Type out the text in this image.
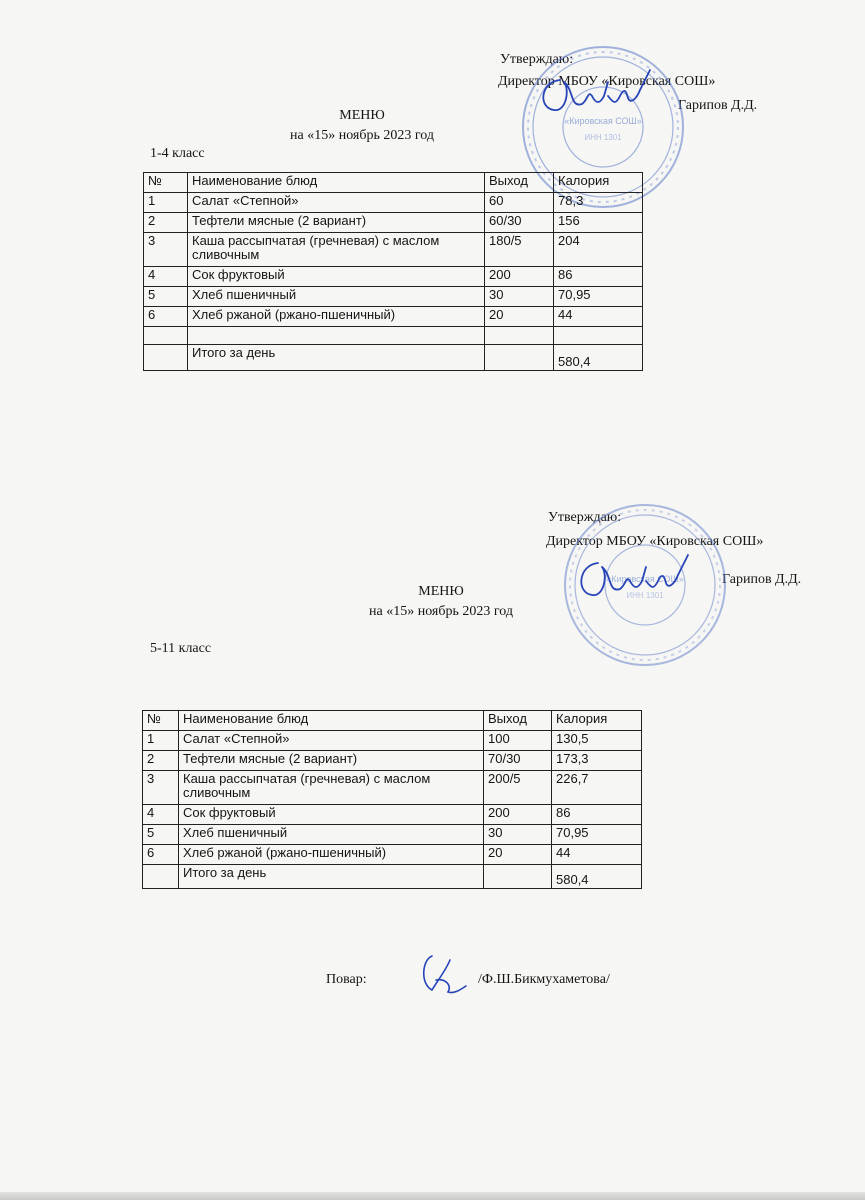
Утверждаю:
Директор МБОУ «Кировская СОШ»
Гарипов Д.Д.
«Кировская СОШ»
ИНН 1301
МЕНЮ
на «15» ноябрь 2023 год
1-4 класс
№	Наименование блюд	Выход	Калория
1	Салат «Степной»	60	78,3
2	Тефтели мясные (2 вариант)	60/30	156
3	Каша рассыпчатая (гречневая) с маслом сливочным	180/5	204
4	Сок фруктовый	200	86
5	Хлеб пшеничный	30	70,95
6	Хлеб ржаной (ржано-пшеничный)	20	44

	Итого за день		580,4
Утверждаю:
Директор МБОУ «Кировская СОШ»
Гарипов Д.Д.
«Кировская СОШ»
ИНН 1301
МЕНЮ
на «15» ноябрь 2023 год
5-11 класс
№	Наименование блюд	Выход	Калория
1	Салат «Степной»	100	130,5
2	Тефтели мясные (2 вариант)	70/30	173,3
3	Каша рассыпчатая (гречневая) с маслом сливочным	200/5	226,7
4	Сок фруктовый	200	86
5	Хлеб пшеничный	30	70,95
6	Хлеб ржаной (ржано-пшеничный)	20	44
	Итого за день		580,4
Повар:	/Ф.Ш.Бикмухаметова/
